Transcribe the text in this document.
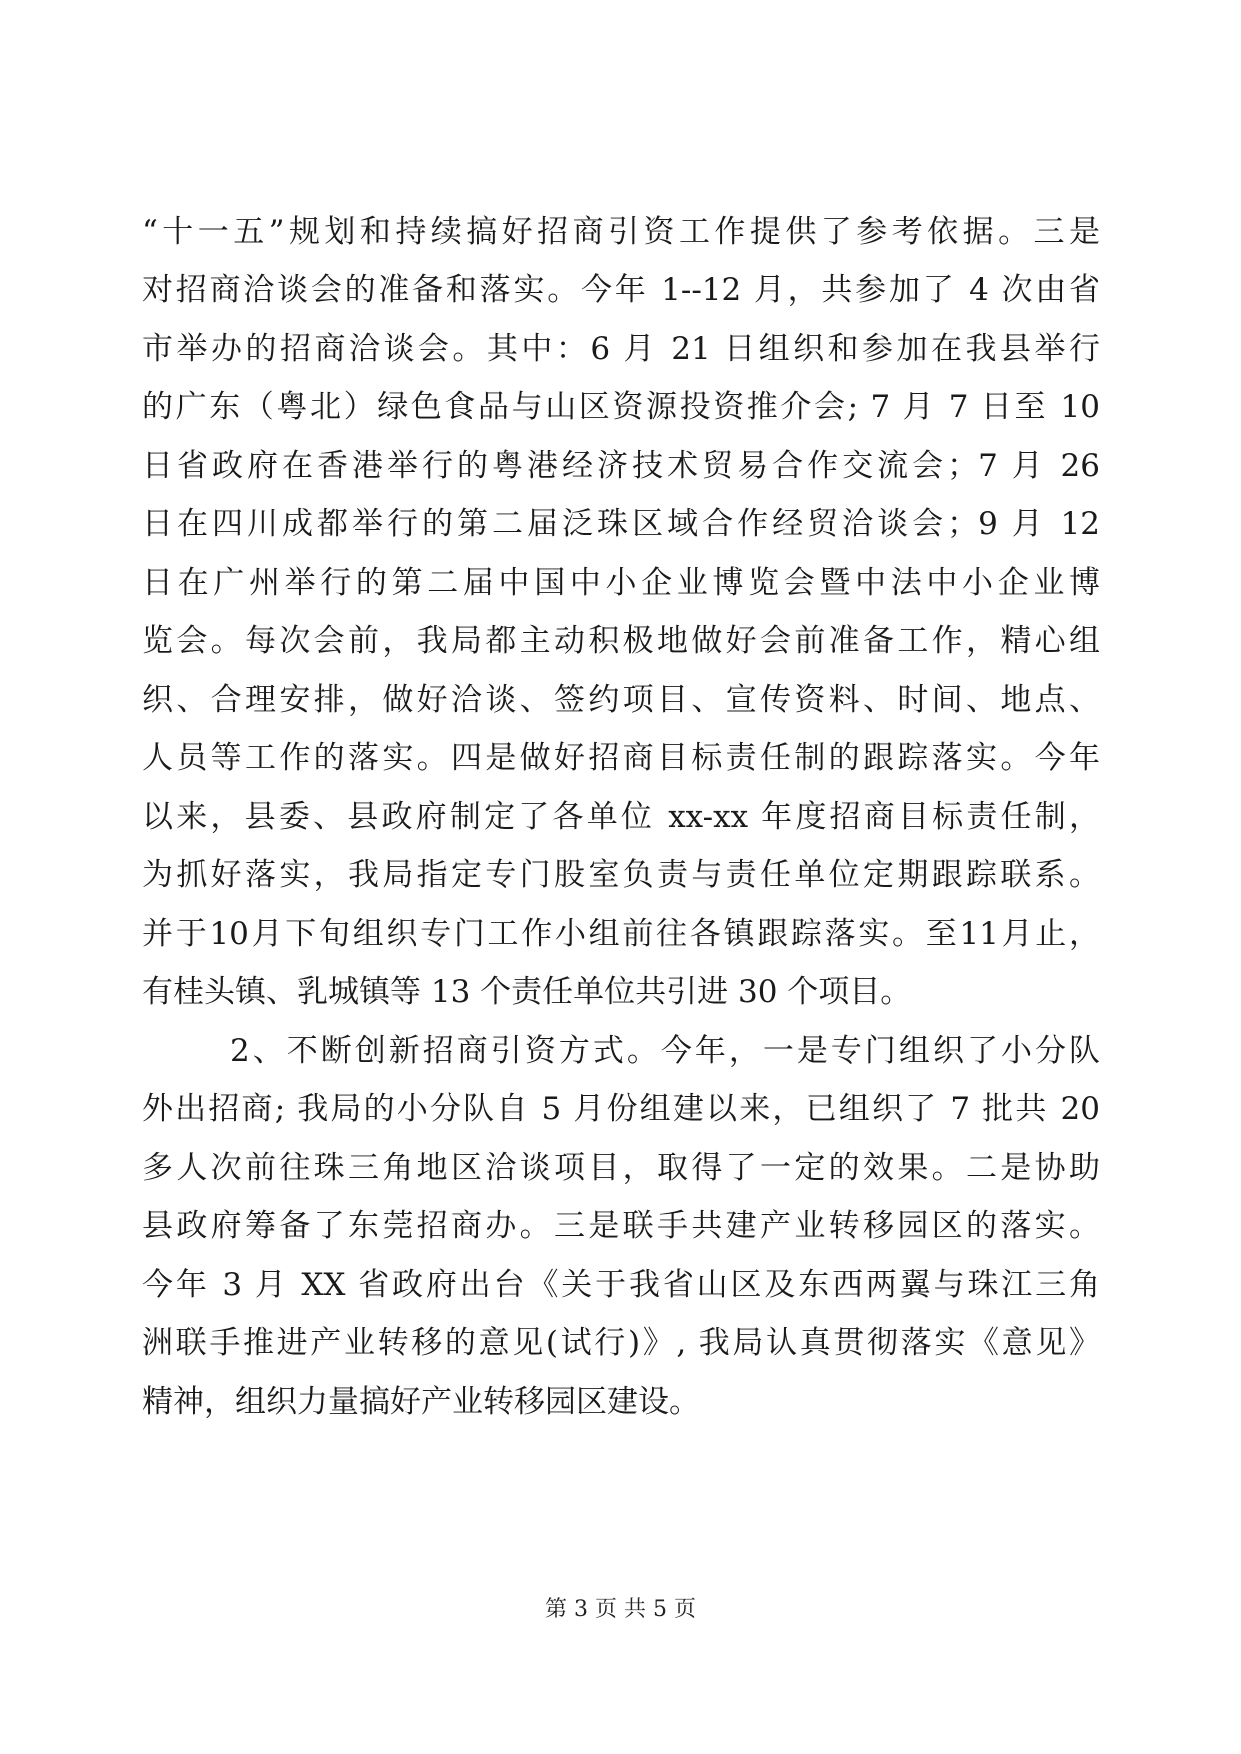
“十一五”规划和持续搞好招商引资工作提供了参考依据。三是
对招商洽谈会的准备和落实。今年 1--12 月，共参加了 4 次由省
市举办的招商洽谈会。其中：6 月 21 日组织和参加在我县举行
的广东（粤北）绿色食品与山区资源投资推介会; 7 月 7 日至 10
日省政府在香港举行的粤港经济技术贸易合作交流会；7 月 26
日在四川成都举行的第二届泛珠区域合作经贸洽谈会；9 月 12
日在广州举行的第二届中国中小企业博览会暨中法中小企业博
览会。每次会前，我局都主动积极地做好会前准备工作，精心组
织、合理安排，做好洽谈、签约项目、宣传资料、时间、地点、
人员等工作的落实。四是做好招商目标责任制的跟踪落实。今年
以来，县委、县政府制定了各单位 xx-xx 年度招商目标责任制，
为抓好落实，我局指定专门股室负责与责任单位定期跟踪联系。
并于10月下旬组织专门工作小组前往各镇跟踪落实。至11月止，
有桂头镇、乳城镇等 13 个责任单位共引进 30 个项目。
2、不断创新招商引资方式。今年，一是专门组织了小分队
外出招商; 我局的小分队自 5 月份组建以来，已组织了 7 批共 20
多人次前往珠三角地区洽谈项目，取得了一定的效果。二是协助
县政府筹备了东莞招商办。三是联手共建产业转移园区的落实。
今年 3 月 XX 省政府出台《关于我省山区及东西两翼与珠江三角
洲联手推进产业转移的意见(试行)》, 我局认真贯彻落实《意见》
精神，组织力量搞好产业转移园区建设。
第 3 页 共 5 页
